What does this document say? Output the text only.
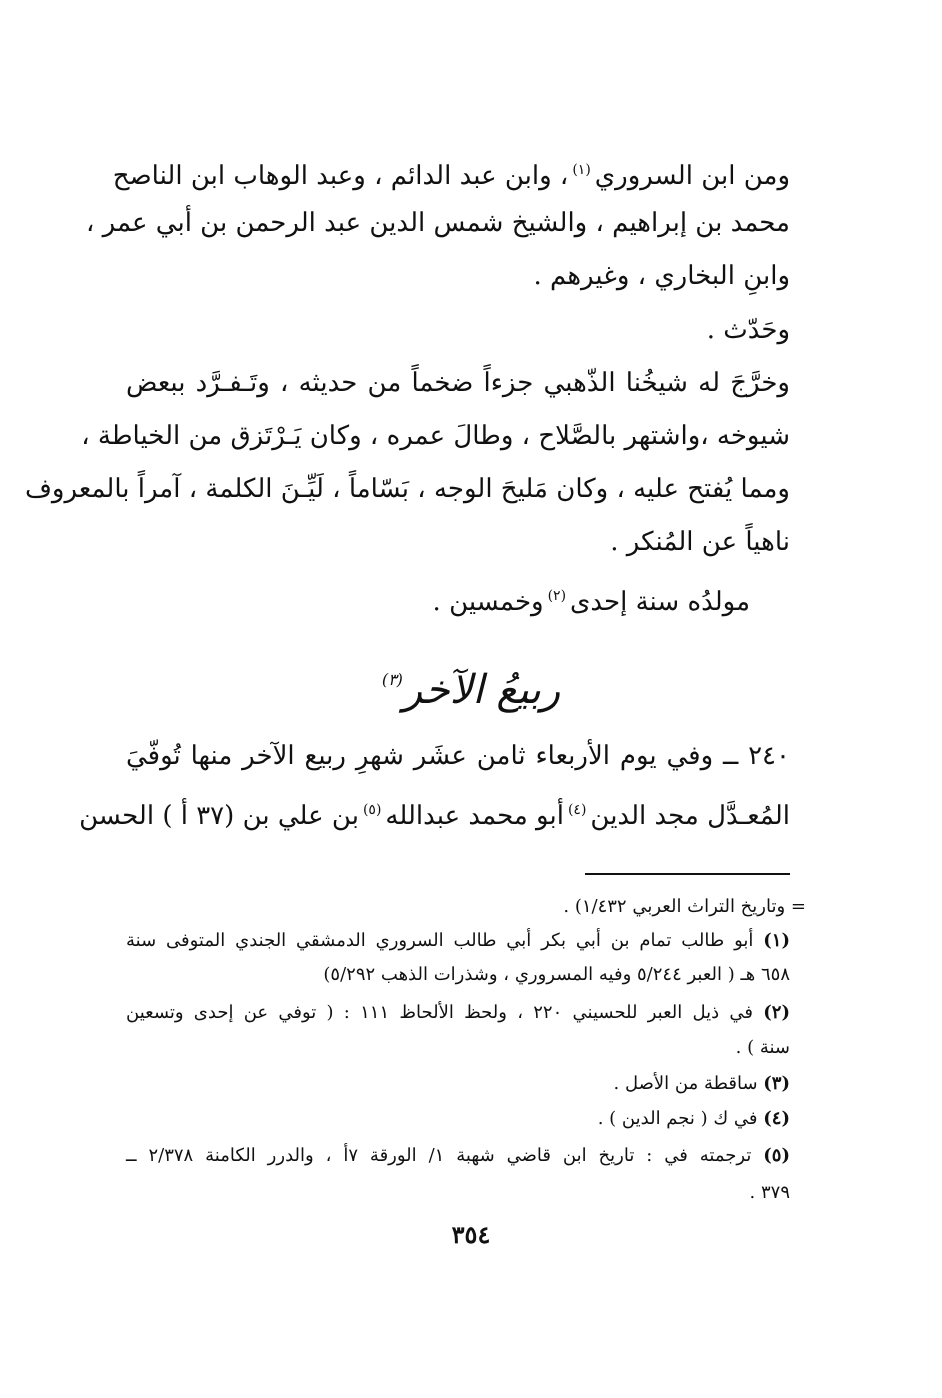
ومن ابن السروري$^{(١)}$، وابن عبد الدائم ، وعبد الوهاب ابن الناصح
محمد بن إبراهيم ، والشيخ شمس الدين عبد الرحمن بن أبي عمر ،
وابنِ البخاري ، وغيرهم .
وحَدّث .
وخرَّجَ له شيخُنا الذّهبي جزءاً ضخماً من حديثه ، وتَـفـرَّد ببعض
شيوخه ،واشتهر بالصَّلاح ، وطالَ عمره ، وكان يَـرْتَزق من الخياطة ،
ومما يُفتح عليه ، وكان مَليحَ الوجه ، بَسّاماً ، لَيِّـنَ الكلمة ، آمراً بالمعروف
ناهياً عن المُنكر .
مولدُه سنة إحدى$^{(٢)}$وخمسين .
ربيعُ الآخر$^{(٣)}$
٢٤٠ ــ وفي يوم الأربعاء ثامن عشَر شهرِ ربيع الآخر منها تُوفّيَ
المُعـدَّل مجد الدين$^{(٤)}$أبو محمد عبدالله$^{(٥)}$بن علي بن (٣٧ أ ) الحسن
= وتاريخ التراث العربي ١/٤٣٢) .
(١) أبو طالب تمام بن أبي بكر أبي طالب السروري الدمشقي الجندي المتوفى سنة
٦٥٨ هـ ( العبر ٥/٢٤٤ وفيه المسروري ، وشذرات الذهب ٥/٢٩٢)
(٢) في ذيل العبر للحسيني ٢٢٠ ، ولحظ الألحاظ ١١١ : ( توفي عن إحدى وتسعين
سنة ) .
(٣) ساقطة من الأصل .
(٤) في ك ( نجم الدين ) .
(٥) ترجمته في : تاريخ ابن قاضي شهبة ١/ الورقة ٧أ ، والدرر الكامنة ٢/٣٧٨ ــ
٣٧٩ .
٣٥٤
